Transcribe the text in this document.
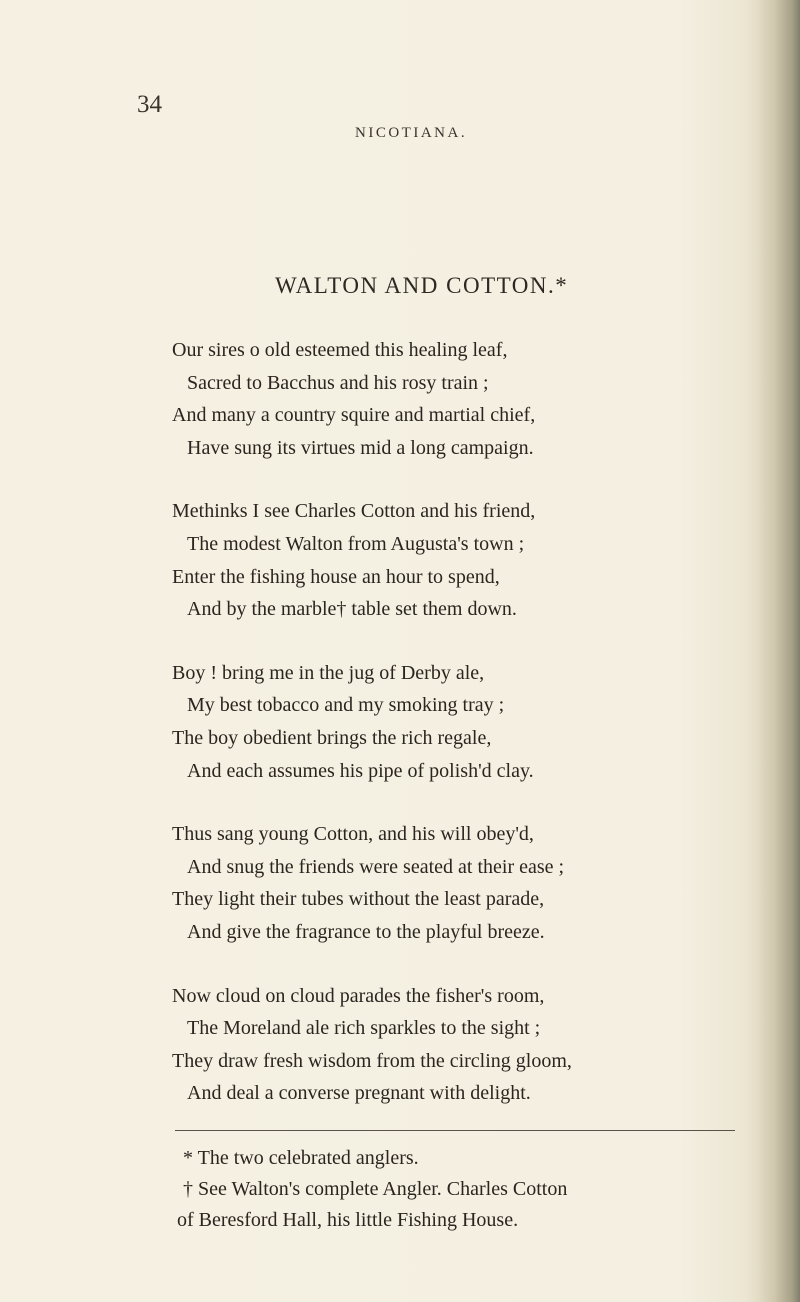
34
NICOTIANA.
WALTON AND COTTON.*
Our sires o old esteemed this healing leaf,
Sacred to Bacchus and his rosy train ;
And many a country squire and martial chief,
Have sung its virtues mid a long campaign.
Methinks I see Charles Cotton and his friend,
The modest Walton from Augusta's town ;
Enter the fishing house an hour to spend,
And by the marble† table set them down.
Boy ! bring me in the jug of Derby ale,
My best tobacco and my smoking tray ;
The boy obedient brings the rich regale,
And each assumes his pipe of polish'd clay.
Thus sang young Cotton, and his will obey'd,
And snug the friends were seated at their ease ;
They light their tubes without the least parade,
And give the fragrance to the playful breeze.
Now cloud on cloud parades the fisher's room,
The Moreland ale rich sparkles to the sight ;
They draw fresh wisdom from the circling gloom,
And deal a converse pregnant with delight.
* The two celebrated anglers.
† See Walton's complete Angler. Charles Cotton
of Beresford Hall, his little Fishing House.
